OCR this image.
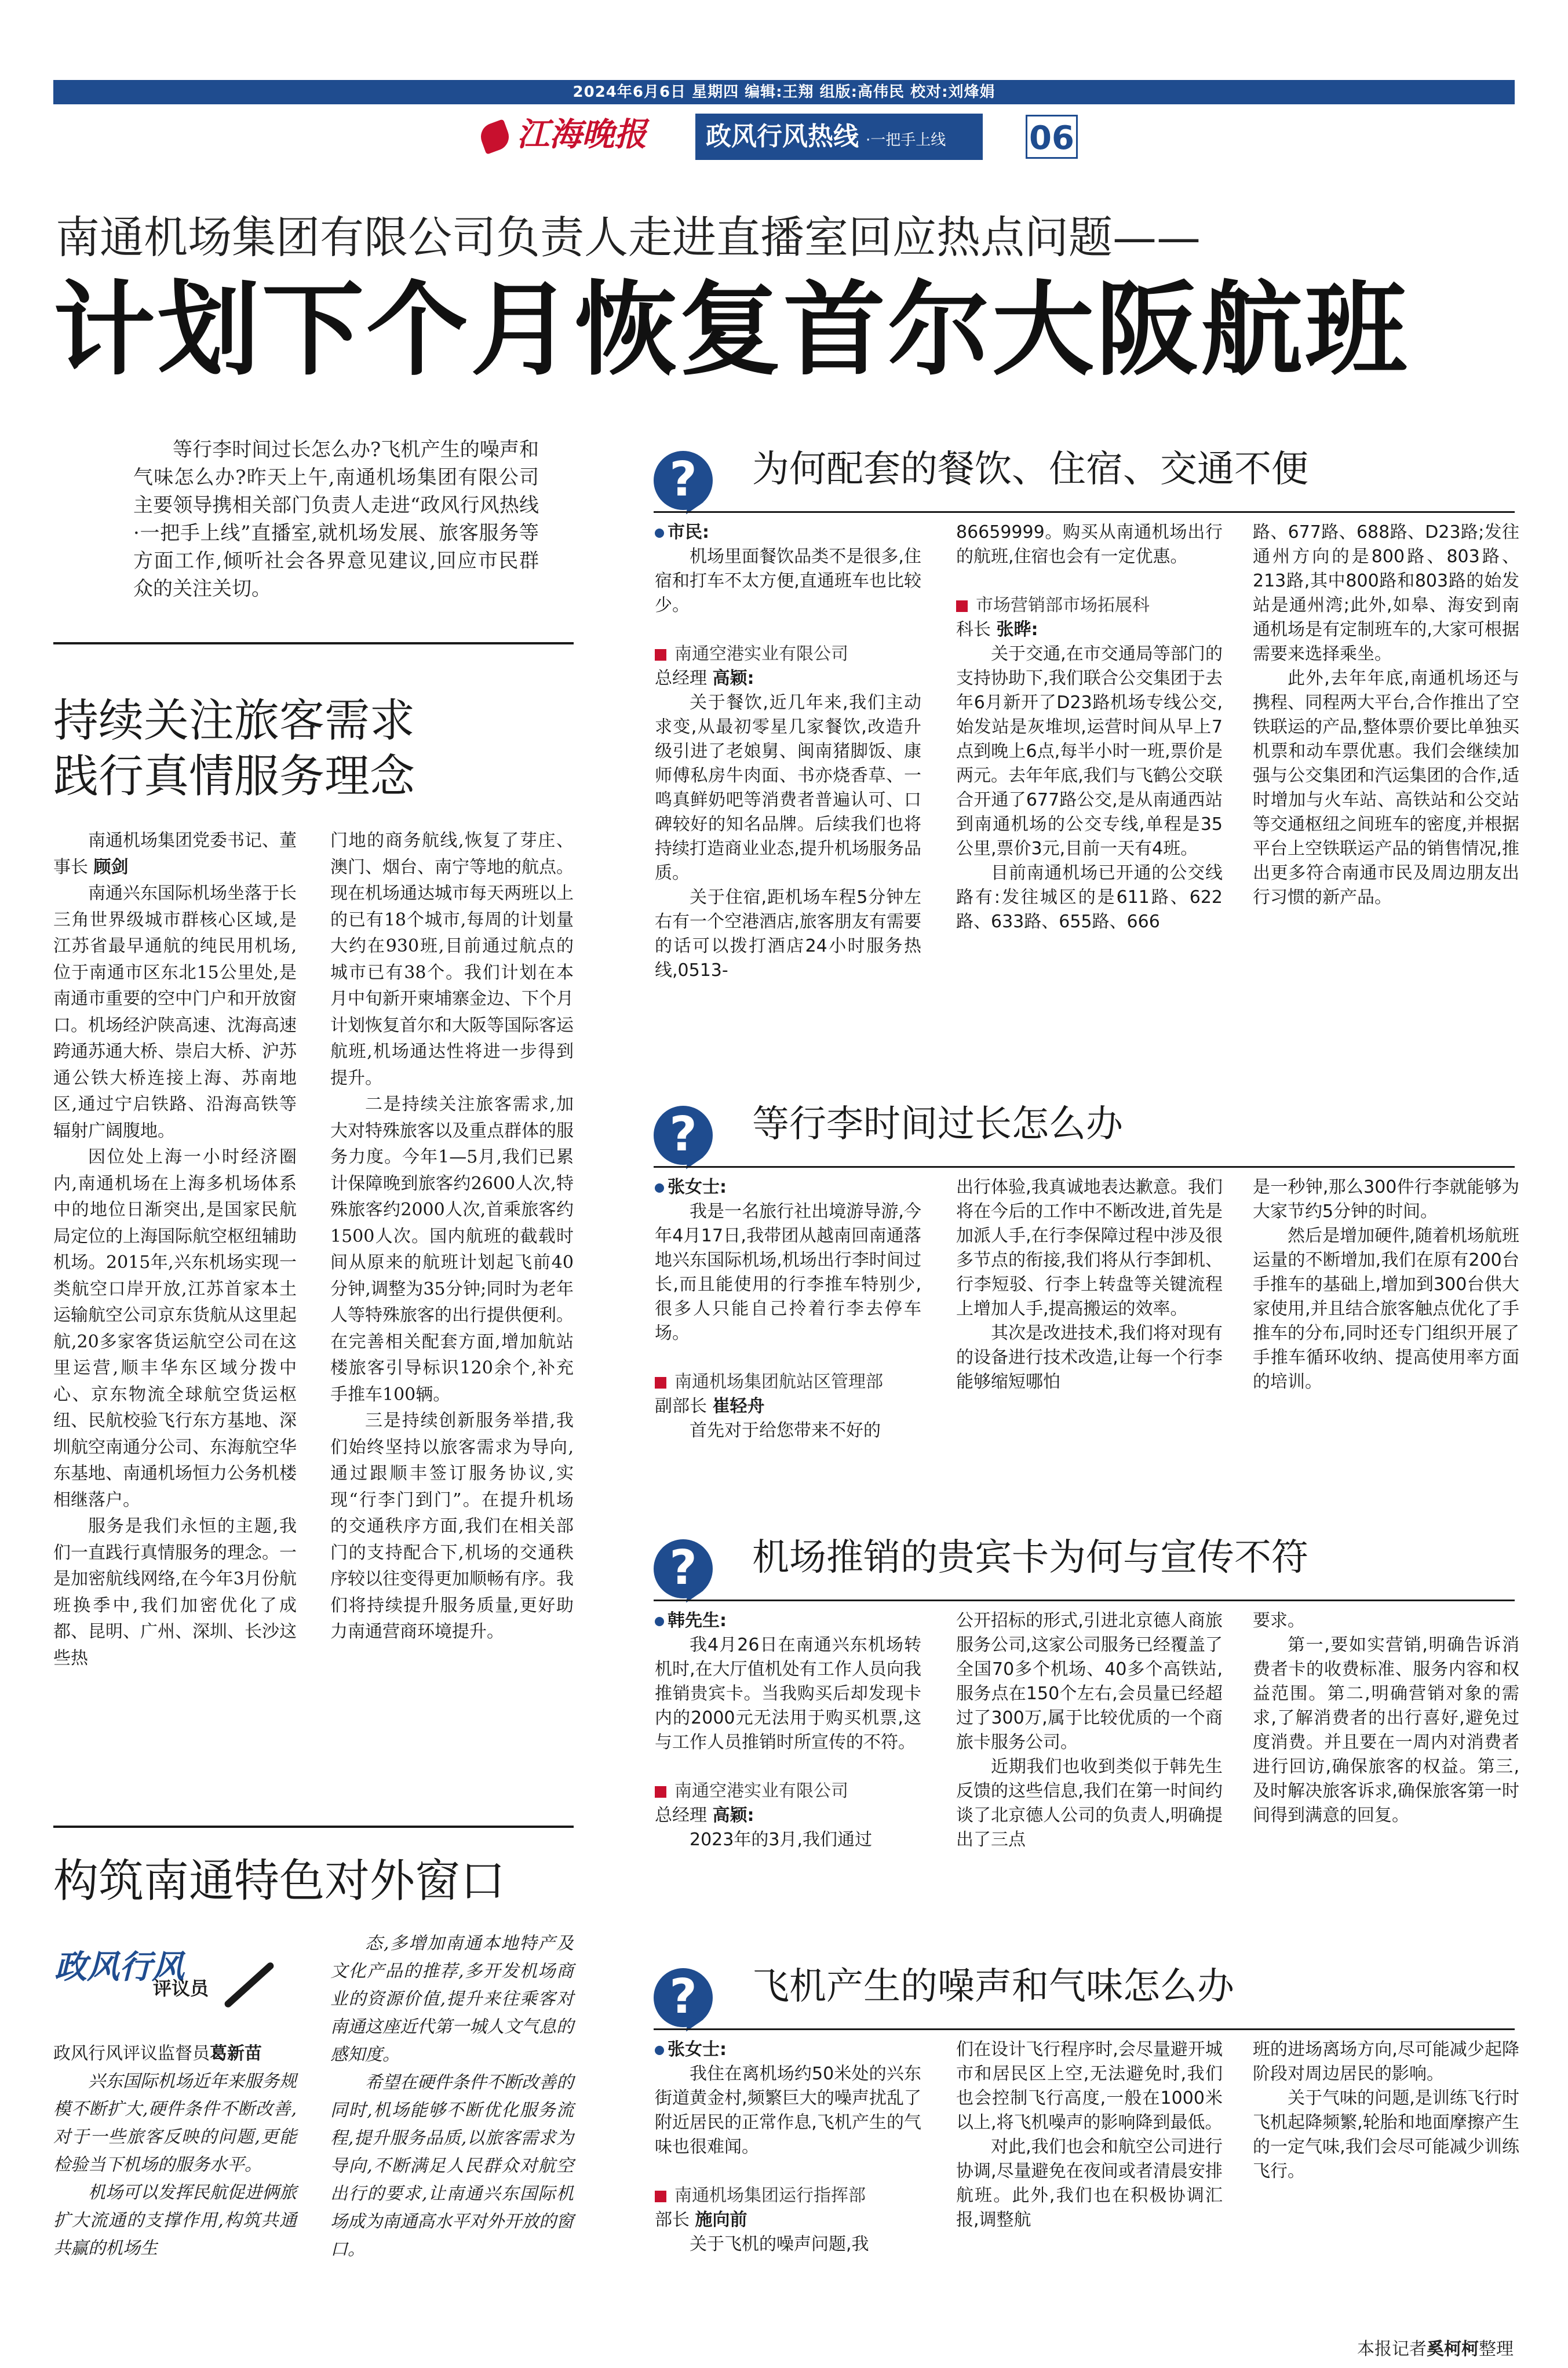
2024年6月6日 星期四 编辑:王翔 组版:高伟民 校对:刘烽娟
江海晚报	政风行风热线 ·一把手上线	06
南通机场集团有限公司负责人走进直播室回应热点问题——
计划下个月恢复首尔大阪航班
等行李时间过长怎么办?飞机产生的噪声和气味怎么办?昨天上午,南通机场集团有限公司主要领导携相关部门负责人走进“政风行风热线·一把手上线”直播室,就机场发展、旅客服务等方面工作,倾听社会各界意见建议,回应市民群众的关注关切。
持续关注旅客需求
践行真情服务理念

南通机场集团党委书记、董事长 顾剑

南通兴东国际机场坐落于长三角世界级城市群核心区域,是江苏省最早通航的纯民用机场,位于南通市区东北15公里处,是南通市重要的空中门户和开放窗口。机场经沪陕高速、沈海高速跨通苏通大桥、崇启大桥、沪苏通公铁大桥连接上海、苏南地区,通过宁启铁路、沿海高铁等辐射广阔腹地。

因位处上海一小时经济圈内,南通机场在上海多机场体系中的地位日渐突出,是国家民航局定位的上海国际航空枢纽辅助机场。2015年,兴东机场实现一类航空口岸开放,江苏首家本土运输航空公司京东货航从这里起航,20多家客货运航空公司在这里运营,顺丰华东区域分拨中心、京东物流全球航空货运枢纽、民航校验飞行东方基地、深圳航空南通分公司、东海航空华东基地、南通机场恒力公务机楼相继落户。

服务是我们永恒的主题,我们一直践行真情服务的理念。一是加密航线网络,在今年3月份航班换季中,我们加密优化了成都、昆明、广州、深圳、长沙这些热

门地的商务航线,恢复了芽庄、澳门、烟台、南宁等地的航点。现在机场通达城市每天两班以上的已有18个城市,每周的计划量大约在930班,目前通过航点的城市已有38个。我们计划在本月中旬新开柬埔寨金边、下个月计划恢复首尔和大阪等国际客运航班,机场通达性将进一步得到提升。

二是持续关注旅客需求,加大对特殊旅客以及重点群体的服务力度。今年1—5月,我们已累计保障晚到旅客约2600人次,特殊旅客约2000人次,首乘旅客约1500人次。国内航班的截载时间从原来的航班计划起飞前40分钟,调整为35分钟;同时为老年人等特殊旅客的出行提供便利。在完善相关配套方面,增加航站楼旅客引导标识120余个,补充手推车100辆。

三是持续创新服务举措,我们始终坚持以旅客需求为导向,通过跟顺丰签订服务协议,实现“行李门到门”。在提升机场的交通秩序方面,我们在相关部门的支持配合下,机场的交通秩序较以往变得更加顺畅有序。我们将持续提升服务质量,更好助力南通营商环境提升。

构筑南通特色对外窗口
政风行风
评议员

政风行风评议监督员葛新苗

兴东国际机场近年来服务规模不断扩大,硬件条件不断改善,对于一些旅客反映的问题,更能检验当下机场的服务水平。

机场可以发挥民航促进俩旅扩大流通的支撑作用,构筑共通共赢的机场生

态,多增加南通本地特产及文化产品的推荐,多开发机场商业的资源价值,提升来往乘客对南通这座近代第一城人文气息的感知度。

希望在硬件条件不断改善的同时,机场能够不断优化服务流程,提升服务品质,以旅客需求为导向,不断满足人民群众对航空出行的要求,让南通兴东国际机场成为南通高水平对外开放的窗口。

?	为何配套的餐饮、住宿、交通不便

市民:

机场里面餐饮品类不是很多,住宿和打车不太方便,直通班车也比较少。

南通空港实业有限公司

总经理 高颖:

关于餐饮,近几年来,我们主动求变,从最初零星几家餐饮,改造升级引进了老娘舅、闽南猪脚饭、康师傅私房牛肉面、书亦烧香草、一鸣真鲜奶吧等消费者普遍认可、口碑较好的知名品牌。后续我们也将持续打造商业业态,提升机场服务品质。

关于住宿,距机场车程5分钟左右有一个空港酒店,旅客朋友有需要的话可以拨打酒店24小时服务热线,0513-

86659999。购买从南通机场出行的航班,住宿也会有一定优惠。

市场营销部市场拓展科

科长 张晔:

关于交通,在市交通局等部门的支持协助下,我们联合公交集团于去年6月新开了D23路机场专线公交,始发站是灰堆坝,运营时间从早上7点到晚上6点,每半小时一班,票价是两元。去年年底,我们与飞鹤公交联合开通了677路公交,是从南通西站到南通机场的公交专线,单程是35公里,票价3元,目前一天有4班。

目前南通机场已开通的公交线路有:发往城区的是611路、622路、633路、655路、666

路、677路、688路、D23路;发往通州方向的是800路、803路、213路,其中800路和803路的始发站是通州湾;此外,如皋、海安到南通机场是有定制班车的,大家可根据需要来选择乘坐。

此外,去年年底,南通机场还与携程、同程两大平台,合作推出了空铁联运的产品,整体票价要比单独买机票和动车票优惠。我们会继续加强与公交集团和汽运集团的合作,适时增加与火车站、高铁站和公交站等交通枢纽之间班车的密度,并根据平台上空铁联运产品的销售情况,推出更多符合南通市民及周边朋友出行习惯的新产品。

?	等行李时间过长怎么办

张女士:

我是一名旅行社出境游导游,今年4月17日,我带团从越南回南通落地兴东国际机场,机场出行李时间过长,而且能使用的行李推车特别少,很多人只能自己拎着行李去停车场。

南通机场集团航站区管理部

副部长 崔轻舟

首先对于给您带来不好的

出行体验,我真诚地表达歉意。我们将在今后的工作中不断改进,首先是加派人手,在行李保障过程中涉及很多节点的衔接,我们将从行李卸机、行李短驳、行李上转盘等关键流程上增加人手,提高搬运的效率。

其次是改进技术,我们将对现有的设备进行技术改造,让每一个行李能够缩短哪怕

是一秒钟,那么300件行李就能够为大家节约5分钟的时间。

然后是增加硬件,随着机场航班运量的不断增加,我们在原有200台手推车的基础上,增加到300台供大家使用,并且结合旅客触点优化了手推车的分布,同时还专门组织开展了手推车循环收纳、提高使用率方面的培训。

?	机场推销的贵宾卡为何与宣传不符

韩先生:

我4月26日在南通兴东机场转机时,在大厅值机处有工作人员向我推销贵宾卡。当我购买后却发现卡内的2000元无法用于购买机票,这与工作人员推销时所宣传的不符。

南通空港实业有限公司

总经理 高颖:

2023年的3月,我们通过

公开招标的形式,引进北京德人商旅服务公司,这家公司服务已经覆盖了全国70多个机场、40多个高铁站,服务点在150个左右,会员量已经超过了300万,属于比较优质的一个商旅卡服务公司。

近期我们也收到类似于韩先生反馈的这些信息,我们在第一时间约谈了北京德人公司的负责人,明确提出了三点

要求。

第一,要如实营销,明确告诉消费者卡的收费标准、服务内容和权益范围。第二,明确营销对象的需求,了解消费者的出行喜好,避免过度消费。并且要在一周内对消费者进行回访,确保旅客的权益。第三,及时解决旅客诉求,确保旅客第一时间得到满意的回复。

?	飞机产生的噪声和气味怎么办

张女士:

我住在离机场约50米处的兴东街道黄金村,频繁巨大的噪声扰乱了附近居民的正常作息,飞机产生的气味也很难闻。

南通机场集团运行指挥部

部长 施向前

关于飞机的噪声问题,我

们在设计飞行程序时,会尽量避开城市和居民区上空,无法避免时,我们也会控制飞行高度,一般在1000米以上,将飞机噪声的影响降到最低。

对此,我们也会和航空公司进行协调,尽量避免在夜间或者清晨安排航班。此外,我们也在积极协调汇报,调整航

班的进场离场方向,尽可能减少起降阶段对周边居民的影响。

关于气味的问题,是训练飞行时飞机起降频繁,轮胎和地面摩擦产生的一定气味,我们会尽可能减少训练飞行。

本报记者奚柯柯整理
